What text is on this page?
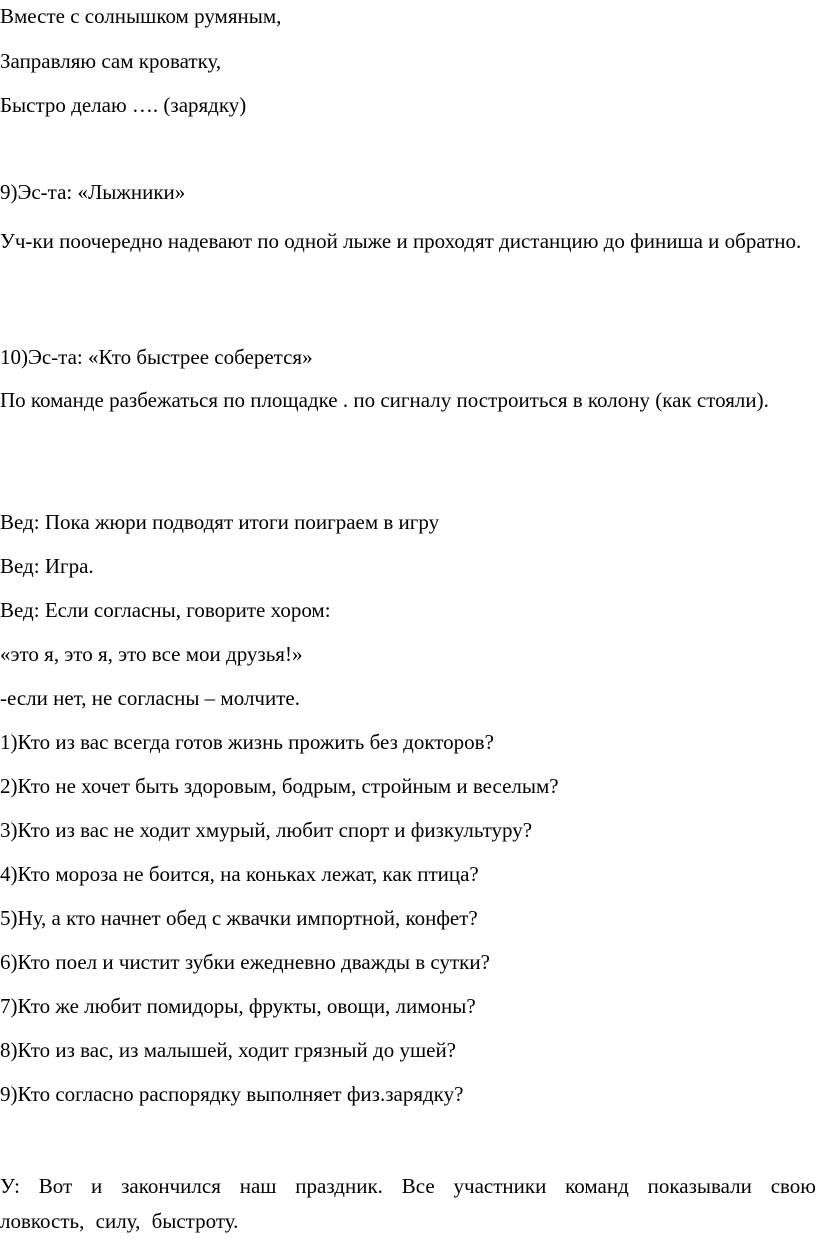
Вместе с солнышком румяным,
Заправляю сам кроватку,
Быстро делаю …. (зарядку)
9)Эс-та: «Лыжники»
Уч-ки поочередно надевают по одной лыже и проходят дистанцию до финиша и обратно.
10)Эс-та: «Кто быстрее соберется»
По команде разбежаться по площадке . по сигналу построиться в колону (как стояли).
Вед: Пока жюри подводят итоги поиграем в игру
Вед: Игра.
Вед: Если согласны, говорите хором:
«это я, это я, это все мои друзья!»
-если нет, не согласны – молчите.
1)Кто из вас всегда готов жизнь прожить без докторов?
2)Кто не хочет быть здоровым, бодрым, стройным и веселым?
3)Кто из вас не ходит хмурый, любит спорт и физкультуру?
4)Кто мороза не боится, на коньках лежат, как птица?
5)Ну, а кто начнет обед с жвачки импортной, конфет?
6)Кто поел и чистит зубки ежедневно дважды в сутки?
7)Кто же любит помидоры, фрукты, овощи, лимоны?
8)Кто из вас, из малышей, ходит грязный до ушей?
9)Кто согласно распорядку выполняет физ.зарядку?
У: Вот и закончился наш праздник. Все участники команд показывали свою ловкость, силу, быстроту.
